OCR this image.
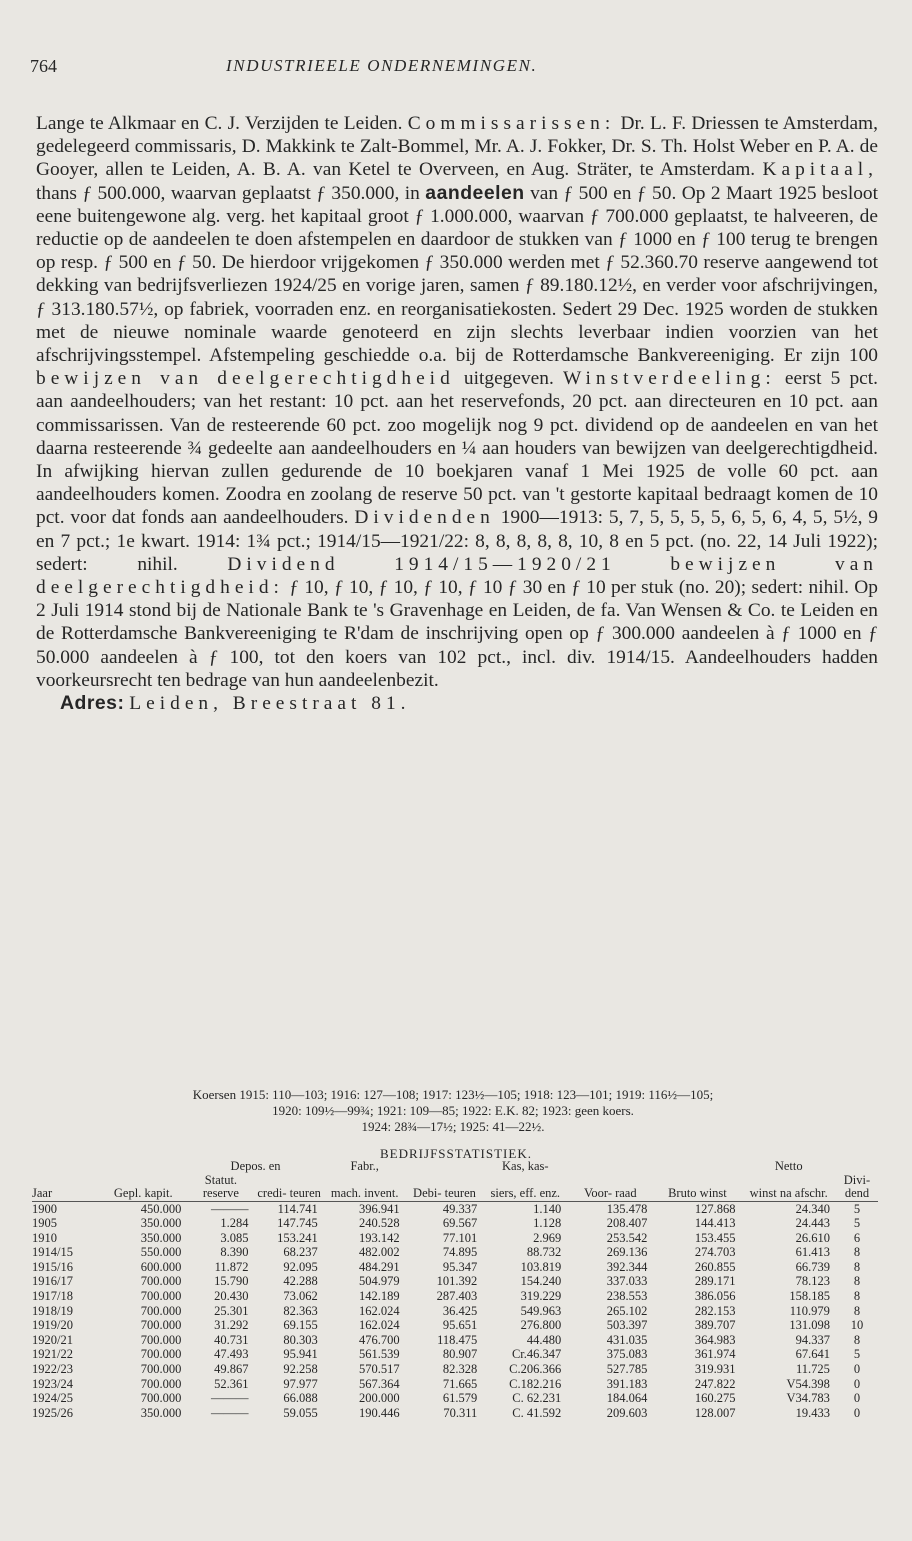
764	INDUSTRIEELE ONDERNEMINGEN.

Lange te Alkmaar en C. J. Verzijden te Leiden. Commissarissen: Dr. L. F. Driessen te Amsterdam, gedelegeerd commissaris, D. Makkink te Zalt-Bommel, Mr. A. J. Fokker, Dr. S. Th. Holst Weber en P. A. de Gooyer, allen te Leiden, A. B. A. van Ketel te Overveen, en Aug. Sträter, te Amsterdam. Kapitaal, thans ƒ 500.000, waarvan geplaatst ƒ 350.000, in aandeelen van ƒ 500 en ƒ 50. Op 2 Maart 1925 besloot eene buitengewone alg. verg. het kapitaal groot ƒ 1.000.000, waarvan ƒ 700.000 geplaatst, te halveeren, de reductie op de aandeelen te doen afstempelen en daardoor de stukken van ƒ 1000 en ƒ 100 terug te brengen op resp. ƒ 500 en ƒ 50. De hierdoor vrijgekomen ƒ 350.000 werden met ƒ 52.360.70 reserve aangewend tot dekking van bedrijfsverliezen 1924/25 en vorige jaren, samen ƒ 89.180.12½, en verder voor afschrijvingen, ƒ 313.180.57½, op fabriek, voorraden enz. en reorganisatiekosten. Sedert 29 Dec. 1925 worden de stukken met de nieuwe nominale waarde genoteerd en zijn slechts leverbaar indien voorzien van het afschrijvingsstempel. Afstempeling geschiedde o.a. bij de Rotterdamsche Bankvereeniging. Er zijn 100 bewijzen van deelgerechtigdheid uitgegeven. Winstverdeeling: eerst 5 pct. aan aandeelhouders; van het restant: 10 pct. aan het reservefonds, 20 pct. aan directeuren en 10 pct. aan commissarissen. Van de resteerende 60 pct. zoo mogelijk nog 9 pct. dividend op de aandeelen en van het daarna resteerende ¾ gedeelte aan aandeelhouders en ¼ aan houders van bewijzen van deelgerechtigdheid. In afwijking hiervan zullen gedurende de 10 boekjaren vanaf 1 Mei 1925 de volle 60 pct. aan aandeelhouders komen. Zoodra en zoolang de reserve 50 pct. van 't gestorte kapitaal bedraagt komen de 10 pct. voor dat fonds aan aandeelhouders. Dividenden 1900—1913: 5, 7, 5, 5, 5, 5, 6, 5, 6, 4, 5, 5½, 9 en 7 pct.; 1e kwart. 1914: 1¾ pct.; 1914/15—1921/22: 8, 8, 8, 8, 8, 10, 8 en 5 pct. (no. 22, 14 Juli 1922); sedert: nihil.	Dividend 1914/15—1920/21 bewijzen van deelgerechtigdheid: ƒ 10, ƒ 10, ƒ 10, ƒ 10, ƒ 10 ƒ 30 en ƒ 10 per stuk (no. 20); sedert: nihil. Op 2 Juli 1914 stond bij de Nationale Bank te 's Gravenhage en Leiden, de fa. Van Wensen & Co. te Leiden en de Rotterdamsche Bankvereeniging te R'dam de inschrijving open op ƒ 300.000 aandeelen à ƒ 1000 en ƒ 50.000 aandeelen à ƒ 100, tot den koers van 102 pct., incl. div. 1914/15. Aandeelhouders hadden voorkeursrecht ten bedrage van hun aandeelenbezit.

Adres: Leiden, Breestraat 81.

Koersen 1915: 110—103; 1916: 127—108; 1917: 123½—105; 1918: 123—101; 1919: 116½—105;
1920: 109½—99¾; 1921: 109—85; 1922: E.K. 82; 1923: geen koers.
1924: 28¾—17½; 1925: 41—22½.
BEDRIJFSSTATISTIEK.
		Depos. en		Fabr.,		Kas, kas-			Netto	
Jaar	Gepl. kapit.	Statut. reserve	credi- teuren	mach. invent.	Debi- teuren	siers, eff. enz.	Voor- raad	Bruto winst	winst na afschr.	Divi- dend
1900	450.000	———	114.741	396.941	49.337	1.140	135.478	127.868	24.340	5
1905	350.000	1.284	147.745	240.528	69.567	1.128	208.407	144.413	24.443	5
1910	350.000	3.085	153.241	193.142	77.101	2.969	253.542	153.455	26.610	6
1914/15	550.000	8.390	68.237	482.002	74.895	88.732	269.136	274.703	61.413	8
1915/16	600.000	11.872	92.095	484.291	95.347	103.819	392.344	260.855	66.739	8
1916/17	700.000	15.790	42.288	504.979	101.392	154.240	337.033	289.171	78.123	8
1917/18	700.000	20.430	73.062	142.189	287.403	319.229	238.553	386.056	158.185	8
1918/19	700.000	25.301	82.363	162.024	36.425	549.963	265.102	282.153	110.979	8
1919/20	700.000	31.292	69.155	162.024	95.651	276.800	503.397	389.707	131.098	10
1920/21	700.000	40.731	80.303	476.700	118.475	44.480	431.035	364.983	94.337	8
1921/22	700.000	47.493	95.941	561.539	80.907	Cr.46.347	375.083	361.974	67.641	5
1922/23	700.000	49.867	92.258	570.517	82.328	C.206.366	527.785	319.931	11.725	0
1923/24	700.000	52.361	97.977	567.364	71.665	C.182.216	391.183	247.822	V54.398	0
1924/25	700.000	———	66.088	200.000	61.579	C. 62.231	184.064	160.275	V34.783	0
1925/26	350.000	———	59.055	190.446	70.311	C. 41.592	209.603	128.007	19.433	0
